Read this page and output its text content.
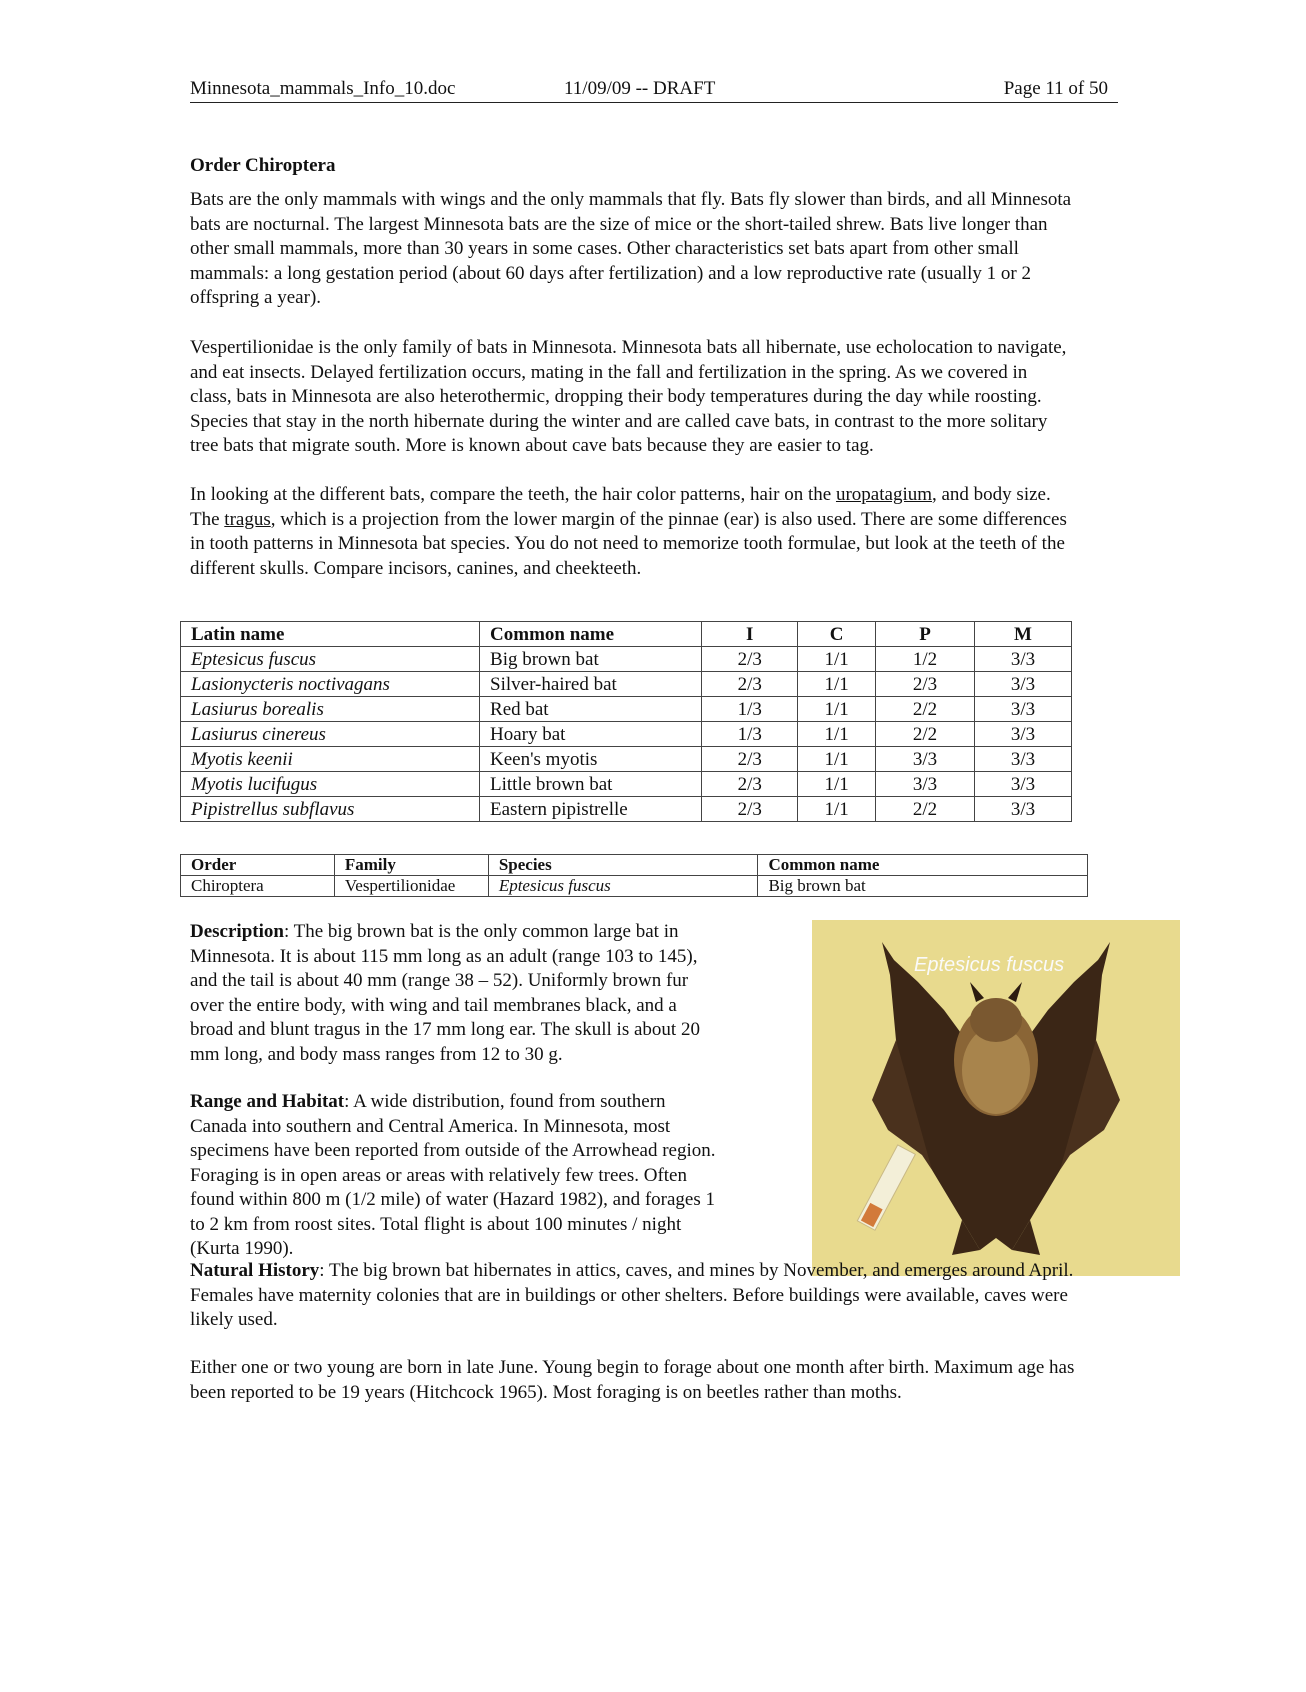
Minnesota_mammals_Info_10.doc	11/09/09 -- DRAFT	Page 11 of 50
Order Chiroptera
Bats are the only mammals with wings and the only mammals that fly. Bats fly slower than birds, and all Minnesota
bats are nocturnal. The largest Minnesota bats are the size of mice or the short-tailed shrew. Bats live longer than
other small mammals, more than 30 years in some cases. Other characteristics set bats apart from other small
mammals: a long gestation period (about 60 days after fertilization) and a low reproductive rate (usually 1 or 2
offspring a year).
Vespertilionidae is the only family of bats in Minnesota. Minnesota bats all hibernate, use echolocation to navigate,
and eat insects. Delayed fertilization occurs, mating in the fall and fertilization in the spring. As we covered in
class, bats in Minnesota are also heterothermic, dropping their body temperatures during the day while roosting.
Species that stay in the north hibernate during the winter and are called cave bats, in contrast to the more solitary
tree bats that migrate south. More is known about cave bats because they are easier to tag.
In looking at the different bats, compare the teeth, the hair color patterns, hair on the uropatagium, and body size.
The tragus, which is a projection from the lower margin of the pinnae (ear) is also used. There are some differences
in tooth patterns in Minnesota bat species. You do not need to memorize tooth formulae, but look at the teeth of the
different skulls. Compare incisors, canines, and cheekteeth.
Latin name	Common name	I	C	P	M
Eptesicus fuscus	Big brown bat	2/3	1/1	1/2	3/3
Lasionycteris noctivagans	Silver-haired bat	2/3	1/1	2/3	3/3
Lasiurus borealis	Red bat	1/3	1/1	2/2	3/3
Lasiurus cinereus	Hoary bat	1/3	1/1	2/2	3/3
Myotis keenii	Keen's myotis	2/3	1/1	3/3	3/3
Myotis lucifugus	Little brown bat	2/3	1/1	3/3	3/3
Pipistrellus subflavus	Eastern pipistrelle	2/3	1/1	2/2	3/3
Order	Family	Species	Common name
Chiroptera	Vespertilionidae	Eptesicus fuscus	Big brown bat
Description: The big brown bat is the only common large bat in
Minnesota. It is about 115 mm long as an adult (range 103 to 145),
and the tail is about 40 mm (range 38 – 52). Uniformly brown fur
over the entire body, with wing and tail membranes black, and a
broad and blunt tragus in the 17 mm long ear. The skull is about 20
mm long, and body mass ranges from 12 to 30 g.
Range and Habitat: A wide distribution, found from southern
Canada into southern and Central America. In Minnesota, most
specimens have been reported from outside of the Arrowhead region.
Foraging is in open areas or areas with relatively few trees. Often
found within 800 m (1/2 mile) of water (Hazard 1982), and forages 1
to 2 km from roost sites. Total flight is about 100 minutes / night
(Kurta 1990).
Eptesicus fuscus
Natural History: The big brown bat hibernates in attics, caves, and mines by November, and emerges around April.
Females have maternity colonies that are in buildings or other shelters. Before buildings were available, caves were
likely used.
Either one or two young are born in late June. Young begin to forage about one month after birth. Maximum age has
been reported to be 19 years (Hitchcock 1965). Most foraging is on beetles rather than moths.
